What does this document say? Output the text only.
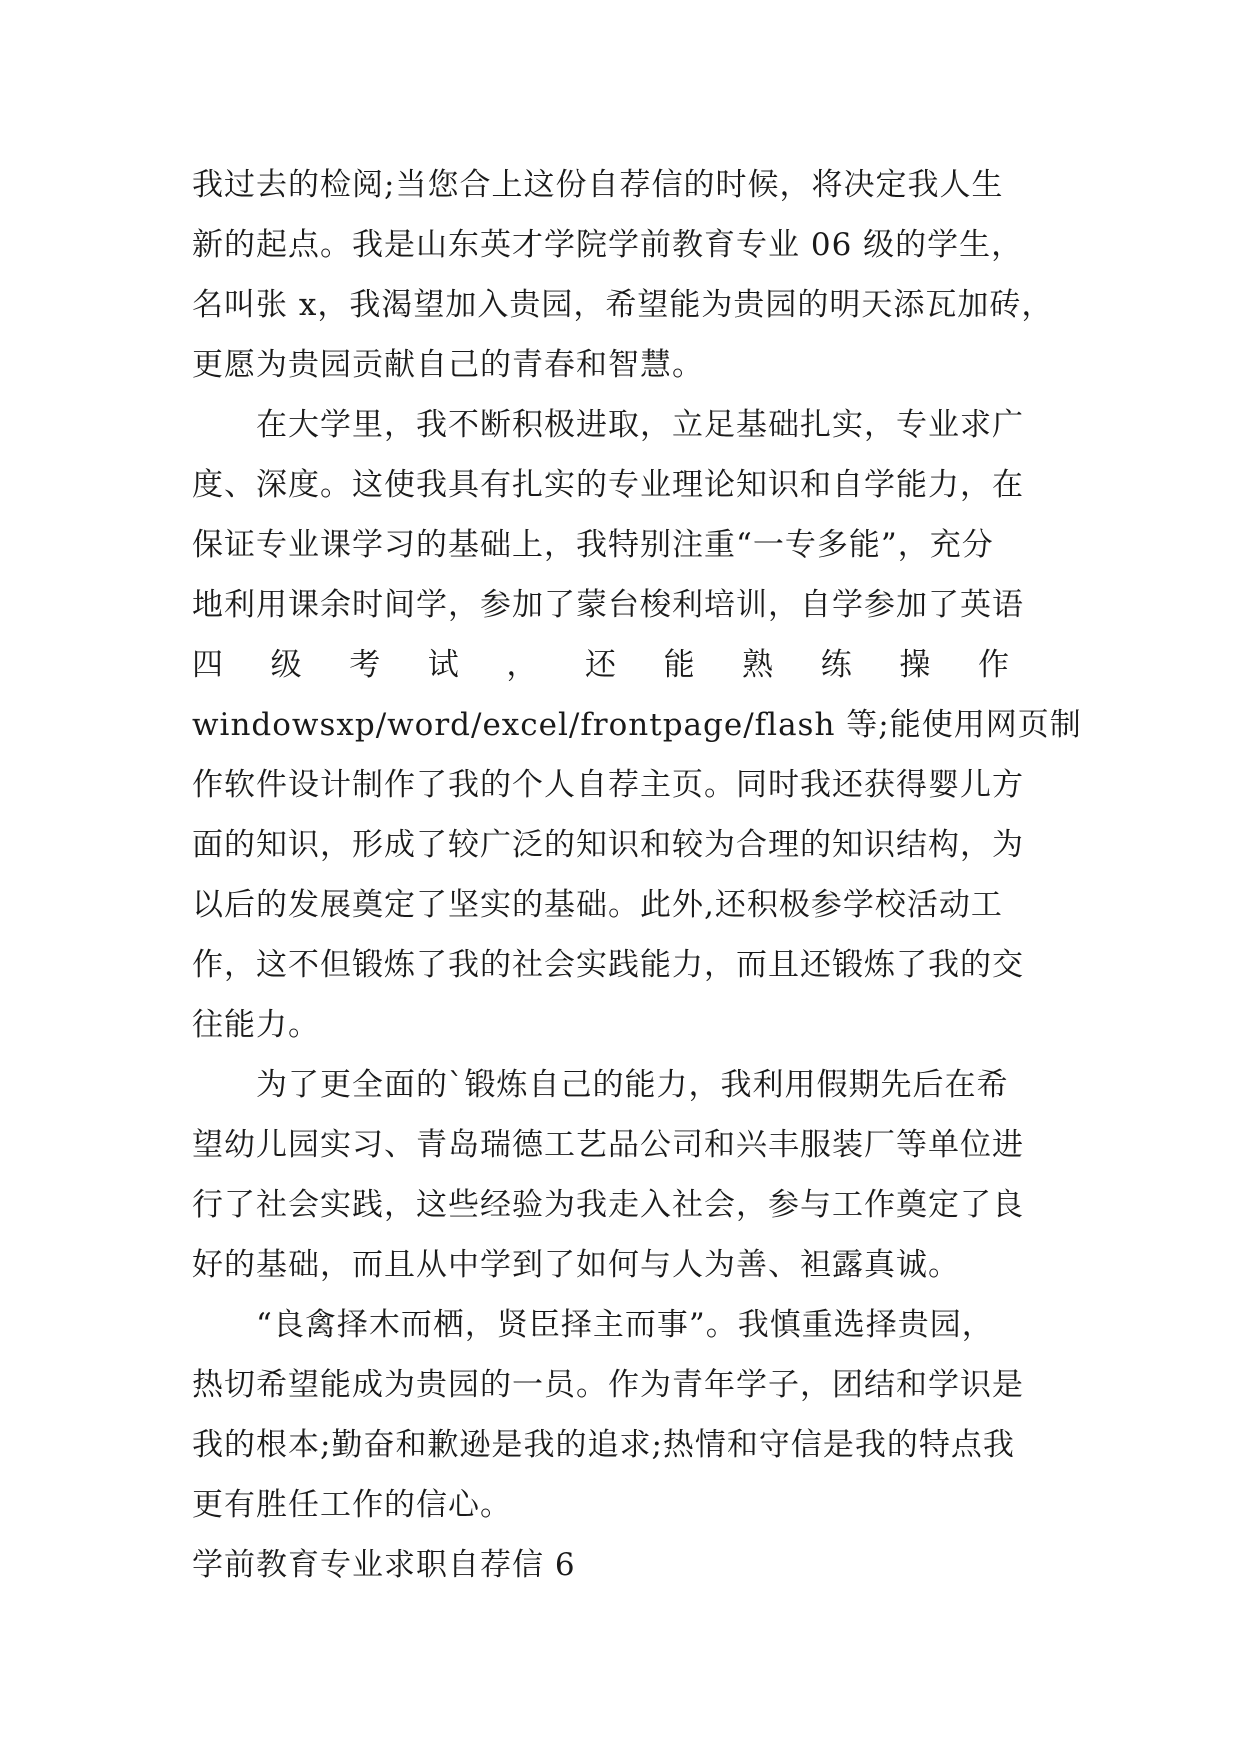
我过去的检阅;当您合上这份自荐信的时候，将决定我人生
新的起点。我是山东英才学院学前教育专业 06 级的学生，
名叫张 x，我渴望加入贵园，希望能为贵园的明天添瓦加砖，
更愿为贵园贡献自己的青春和智慧。
在大学里，我不断积极进取，立足基础扎实，专业求广
度、深度。这使我具有扎实的专业理论知识和自学能力，在
保证专业课学习的基础上，我特别注重“一专多能”，充分
地利用课余时间学，参加了蒙台梭利培训，自学参加了英语
四 级 考 试 ， 还 能 熟 练 操 作
windowsxp/word/excel/frontpage/flash 等;能使用网页制
作软件设计制作了我的个人自荐主页。同时我还获得婴儿方
面的知识，形成了较广泛的知识和较为合理的知识结构，为
以后的发展奠定了坚实的基础。此外,还积极参学校活动工
作，这不但锻炼了我的社会实践能力，而且还锻炼了我的交
往能力。
为了更全面的`锻炼自己的能力，我利用假期先后在希
望幼儿园实习、青岛瑞德工艺品公司和兴丰服装厂等单位进
行了社会实践，这些经验为我走入社会，参与工作奠定了良
好的基础，而且从中学到了如何与人为善、袒露真诚。
“良禽择木而栖，贤臣择主而事”。我慎重选择贵园，
热切希望能成为贵园的一员。作为青年学子，团结和学识是
我的根本;勤奋和歉逊是我的追求;热情和守信是我的特点我
更有胜任工作的信心。
学前教育专业求职自荐信 6
